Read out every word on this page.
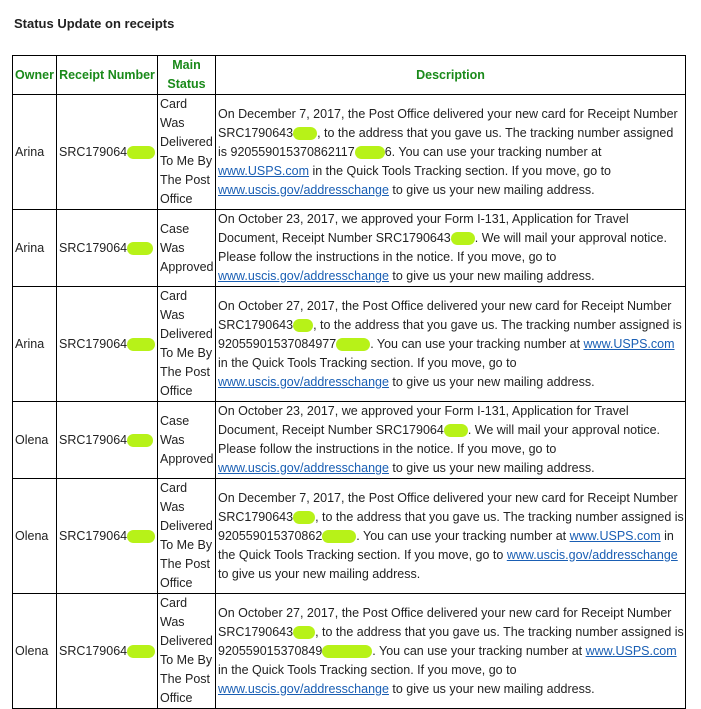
Status Update on receipts
Owner	Receipt Number	Main Status	Description
Arina	SRC179064	Card Was Delivered To Me By The Post Office	On December 7, 2017, the Post Office delivered your new card for Receipt Number SRC1790643 , to the address that you gave us. The tracking number assigned is 920559015370862117 6. You can use your tracking number at www.USPS.com in the Quick Tools Tracking section. If you move, go to www.uscis.gov/addresschange to give us your new mailing address.
Arina	SRC179064	Case Was Approved	On October 23, 2017, we approved your Form I-131, Application for Travel Document, Receipt Number SRC1790643 . We will mail your approval notice. Please follow the instructions in the notice. If you move, go to www.uscis.gov/addresschange to give us your new mailing address.
Arina	SRC179064	Card Was Delivered To Me By The Post Office	On October 27, 2017, the Post Office delivered your new card for Receipt Number SRC1790643 , to the address that you gave us. The tracking number assigned is 92055901537084977 . You can use your tracking number at www.USPS.com in the Quick Tools Tracking section. If you move, go to www.uscis.gov/addresschange to give us your new mailing address.
Olena	SRC179064	Case Was Approved	On October 23, 2017, we approved your Form I-131, Application for Travel Document, Receipt Number SRC179064 . We will mail your approval notice. Please follow the instructions in the notice. If you move, go to www.uscis.gov/addresschange to give us your new mailing address.
Olena	SRC179064	Card Was Delivered To Me By The Post Office	On December 7, 2017, the Post Office delivered your new card for Receipt Number SRC1790643 , to the address that you gave us. The tracking number assigned is 920559015370862 . You can use your tracking number at www.USPS.com in the Quick Tools Tracking section. If you move, go to www.uscis.gov/addresschange to give us your new mailing address.
Olena	SRC179064	Card Was Delivered To Me By The Post Office	On October 27, 2017, the Post Office delivered your new card for Receipt Number SRC1790643 , to the address that you gave us. The tracking number assigned is 920559015370849 . You can use your tracking number at www.USPS.com in the Quick Tools Tracking section. If you move, go to www.uscis.gov/addresschange to give us your new mailing address.
